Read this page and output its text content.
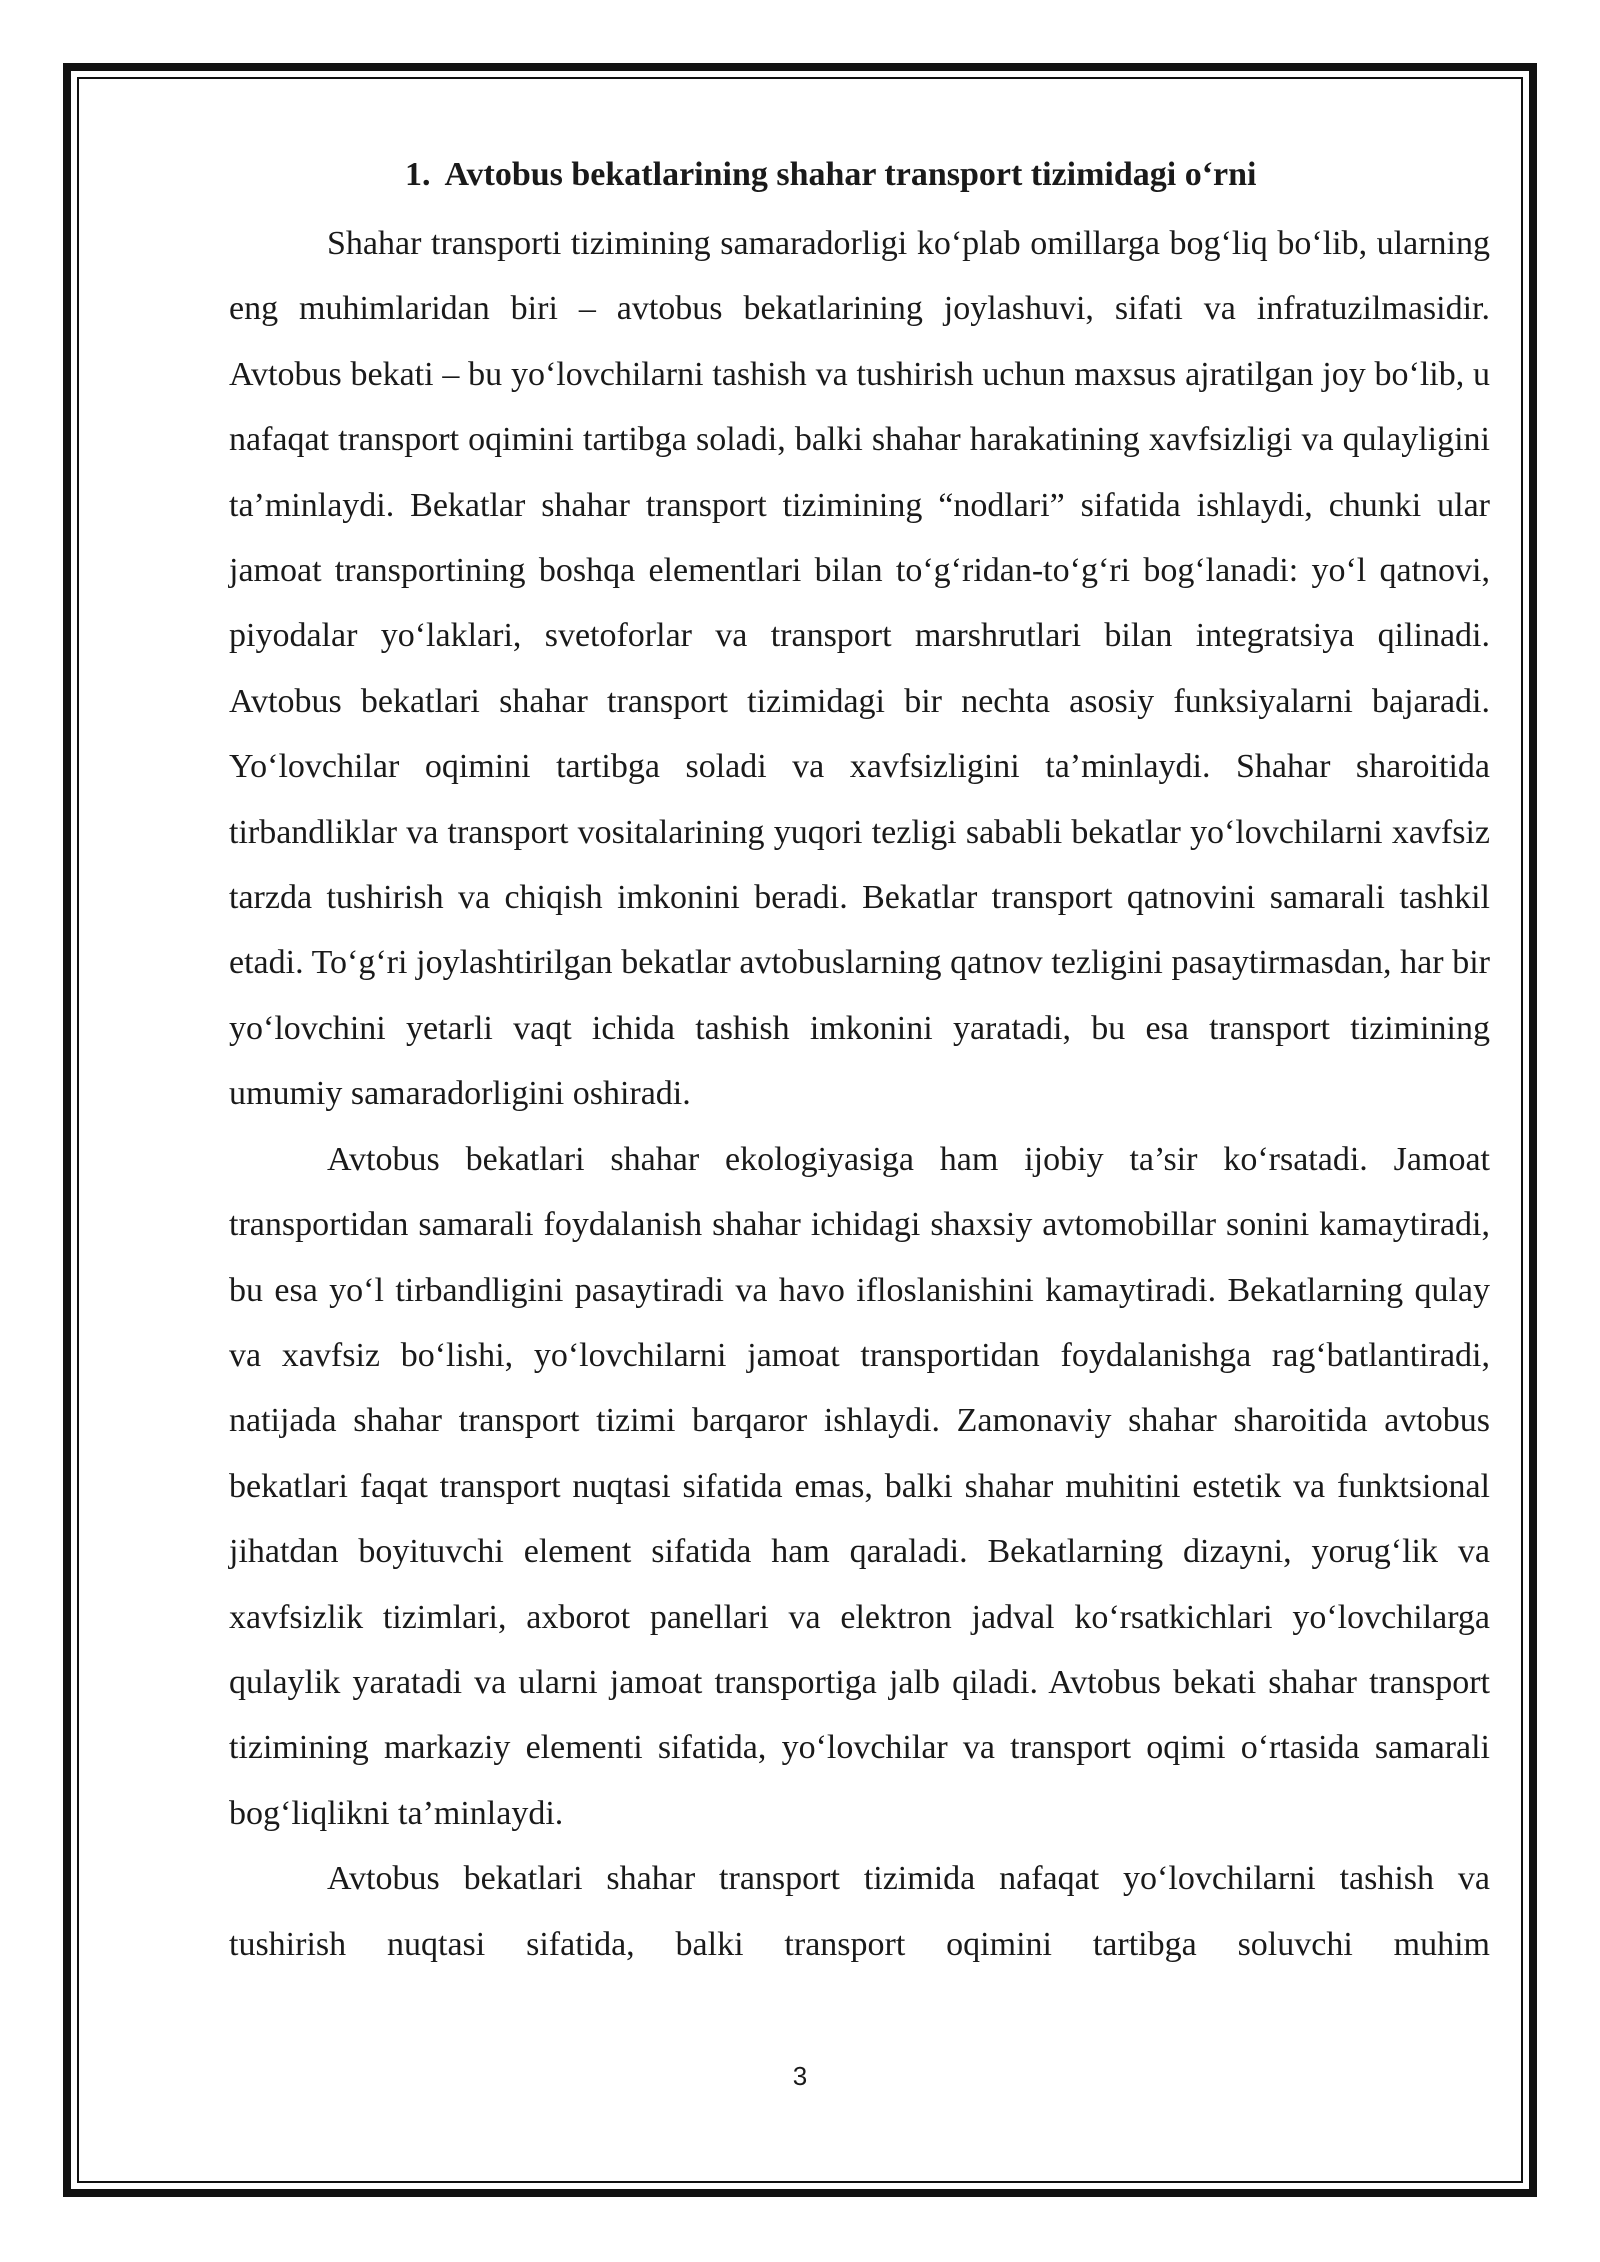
1. Avtobus bekatlarining shahar transport tizimidagi o‘rni

Shahar transporti tizimining samaradorligi ko‘plab omillarga bog‘liq bo‘lib, ularning eng muhimlaridan biri – avtobus bekatlarining joylashuvi, sifati va infratuzilmasidir. Avtobus bekati – bu yo‘lovchilarni tashish va tushirish uchun maxsus ajratilgan joy bo‘lib, u nafaqat transport oqimini tartibga soladi, balki shahar harakatining xavfsizligi va qulayligini ta’minlaydi. Bekatlar shahar transport tizimining “nodlari” sifatida ishlaydi, chunki ular jamoat transportining boshqa elementlari bilan to‘g‘ridan-to‘g‘ri bog‘lanadi: yo‘l qatnovi, piyodalar yo‘laklari, svetoforlar va transport marshrutlari bilan integratsiya qilinadi. Avtobus bekatlari shahar transport tizimidagi bir nechta asosiy funksiyalarni bajaradi. Yo‘lovchilar oqimini tartibga soladi va xavfsizligini ta’minlaydi. Shahar sharoitida tirbandliklar va transport vositalarining yuqori tezligi sababli bekatlar yo‘lovchilarni xavfsiz tarzda tushirish va chiqish imkonini beradi. Bekatlar transport qatnovini samarali tashkil etadi. To‘g‘ri joylashtirilgan bekatlar avtobuslarning qatnov tezligini pasaytirmasdan, har bir yo‘lovchini yetarli vaqt ichida tashish imkonini yaratadi, bu esa transport tizimining umumiy samaradorligini oshiradi.

Avtobus bekatlari shahar ekologiyasiga ham ijobiy ta’sir ko‘rsatadi. Jamoat transportidan samarali foydalanish shahar ichidagi shaxsiy avtomobillar sonini kamaytiradi, bu esa yo‘l tirbandligini pasaytiradi va havo ifloslanishini kamaytiradi. Bekatlarning qulay va xavfsiz bo‘lishi, yo‘lovchilarni jamoat transportidan foydalanishga rag‘batlantiradi, natijada shahar transport tizimi barqaror ishlaydi. Zamonaviy shahar sharoitida avtobus bekatlari faqat transport nuqtasi sifatida emas, balki shahar muhitini estetik va funktsional jihatdan boyituvchi element sifatida ham qaraladi. Bekatlarning dizayni, yorug‘lik va xavfsizlik tizimlari, axborot panellari va elektron jadval ko‘rsatkichlari yo‘lovchilarga qulaylik yaratadi va ularni jamoat transportiga jalb qiladi. Avtobus bekati shahar transport tizimining markaziy elementi sifatida, yo‘lovchilar va transport oqimi o‘rtasida samarali bog‘liqlikni ta’minlaydi.

Avtobus bekatlari shahar transport tizimida nafaqat yo‘lovchilarni tashish va tushirish nuqtasi sifatida, balki transport oqimini tartibga soluvchi muhim

3
